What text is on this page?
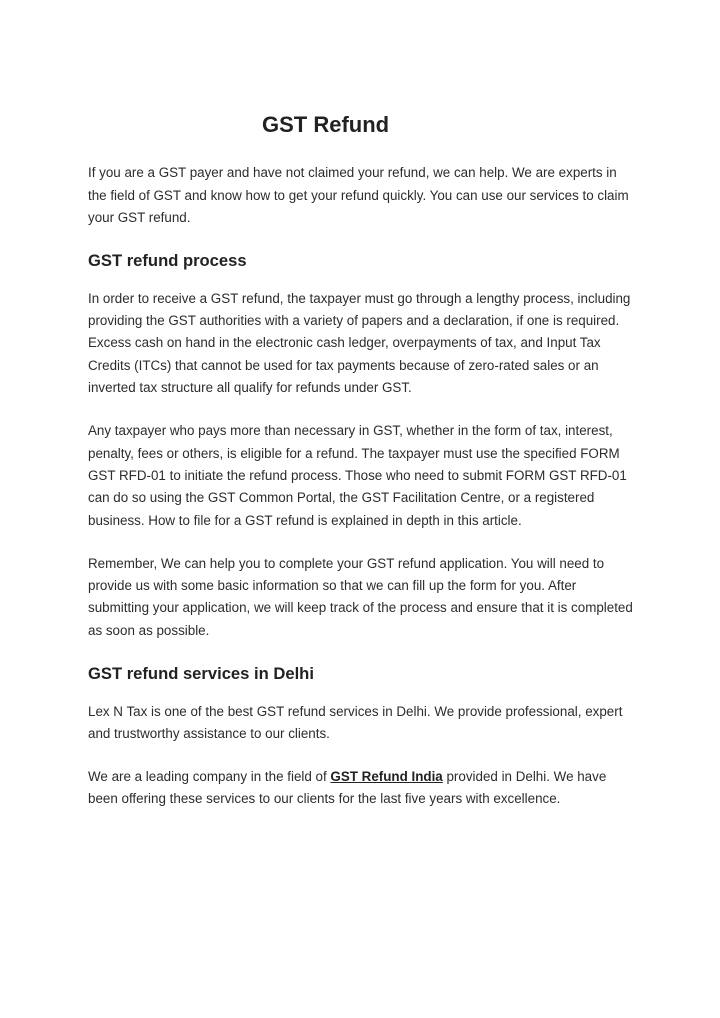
GST Refund

If you are a GST payer and have not claimed your refund, we can help. We are experts in the field of GST and know how to get your refund quickly. You can use our services to claim your GST refund.

GST refund process

In order to receive a GST refund, the taxpayer must go through a lengthy process, including providing the GST authorities with a variety of papers and a declaration, if one is required. Excess cash on hand in the electronic cash ledger, overpayments of tax, and Input Tax Credits (ITCs) that cannot be used for tax payments because of zero-rated sales or an inverted tax structure all qualify for refunds under GST.

Any taxpayer who pays more than necessary in GST, whether in the form of tax, interest, penalty, fees or others, is eligible for a refund. The taxpayer must use the specified FORM GST RFD-01 to initiate the refund process. Those who need to submit FORM GST RFD-01 can do so using the GST Common Portal, the GST Facilitation Centre, or a registered business. How to file for a GST refund is explained in depth in this article.

Remember, We can help you to complete your GST refund application. You will need to provide us with some basic information so that we can fill up the form for you. After submitting your application, we will keep track of the process and ensure that it is completed as soon as possible.

GST refund services in Delhi

Lex N Tax is one of the best GST refund services in Delhi. We provide professional, expert and trustworthy assistance to our clients.

We are a leading company in the field of GST Refund India provided in Delhi. We have been offering these services to our clients for the last five years with excellence.
